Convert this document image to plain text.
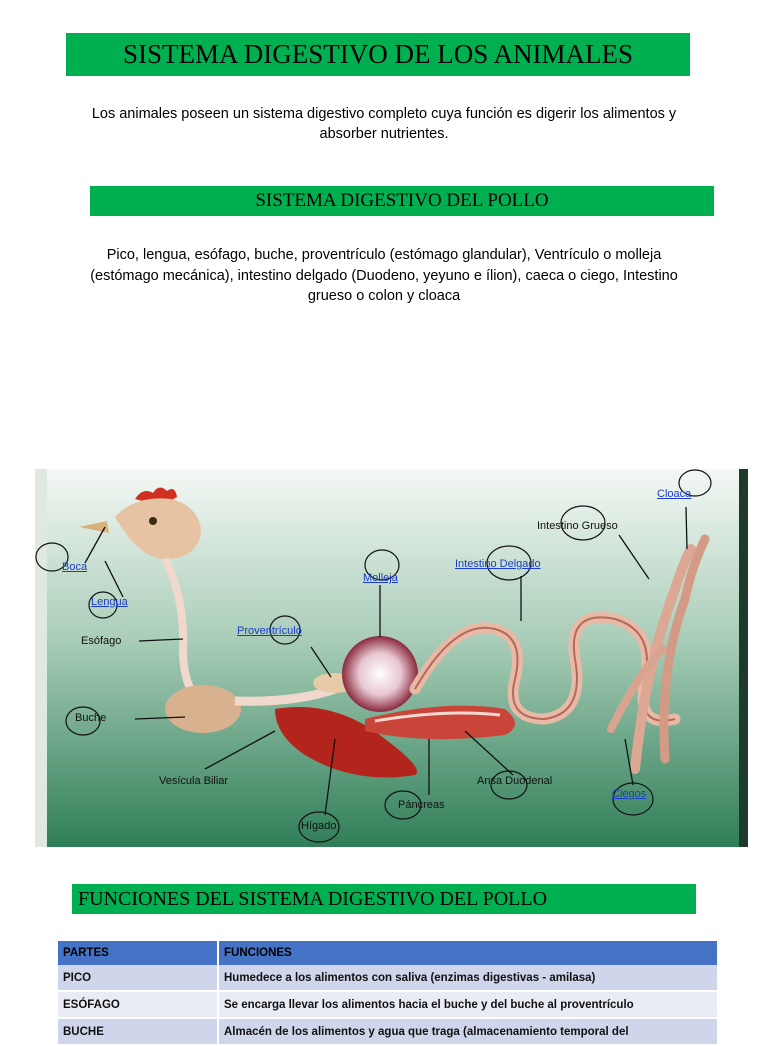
SISTEMA DIGESTIVO DE LOS ANIMALES
Los animales poseen un sistema digestivo completo cuya función es digerir los alimentos y absorber nutrientes.
SISTEMA DIGESTIVO DEL POLLO
Pico, lengua, esófago, buche, proventrículo (estómago glandular), Ventrículo o molleja (estómago mecánica), intestino delgado (Duodeno, yeyuno e ílion), caeca o ciego, Intestino grueso o colon y cloaca
Boca
Lengua
Esófago
Buche
Vesícula Biliar
Hígado
Páncreas
Ansa Duodenal
Ciegos
Proventrículo
Molleja
Intestino Delgado
Intestino Grueso
Cloaca
FUNCIONES DEL SISTEMA DIGESTIVO DEL POLLO
PARTES	FUNCIONES
PICO	Humedece a los alimentos con saliva (enzimas digestivas - amilasa)
ESÓFAGO	Se encarga llevar los alimentos hacia el buche y del buche al proventrículo
BUCHE	Almacén de los alimentos y agua que traga (almacenamiento temporal del
